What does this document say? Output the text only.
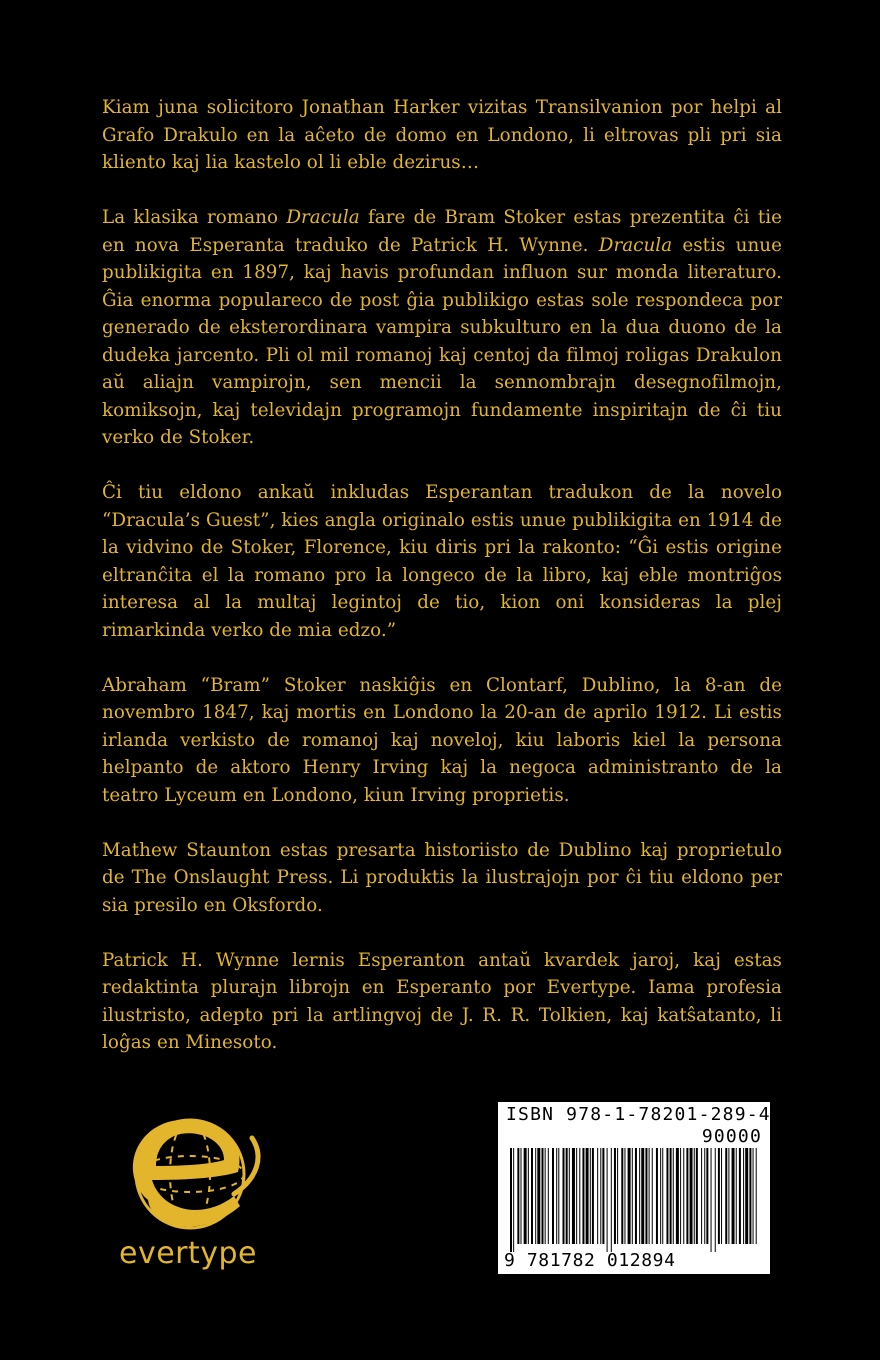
Kiam juna solicitoro Jonathan Harker vizitas Transilvanion por helpi al Grafo Drakulo en la aĉeto de domo en Londono, li eltrovas pli pri sia kliento kaj lia kastelo ol li eble dezirus…

La klasika romano Dracula fare de Bram Stoker estas prezentita ĉi tie en nova Esperanta traduko de Patrick H. Wynne. Dracula estis unue publikigita en 1897, kaj havis profundan influon sur monda literaturo. Ĝia enorma populareco de post ĝia publikigo estas sole respondeca por generado de eksterordinara vampira subkulturo en la dua duono de la dudeka jarcento. Pli ol mil romanoj kaj centoj da filmoj roligas Drakulon aŭ aliajn vampirojn, sen mencii la sennombrajn desegnofilmojn, komiksojn, kaj televidajn programojn fundamente inspiritajn de ĉi tiu verko de Stoker.

Ĉi tiu eldono ankaŭ inkludas Esperantan tradukon de la novelo “Dracula’s Guest”, kies angla originalo estis unue publikigita en 1914 de la vidvino de Stoker, Florence, kiu diris pri la rakonto: “Ĝi estis origine eltranĉita el la romano pro la longeco de la libro, kaj eble montriĝos interesa al la multaj legintoj de tio, kion oni konsideras la plej rimarkinda verko de mia edzo.”

Abraham “Bram” Stoker naskiĝis en Clontarf, Dublino, la 8-an de novembro 1847, kaj mortis en Londono la 20-an de aprilo 1912. Li estis irlanda verkisto de romanoj kaj noveloj, kiu laboris kiel la persona helpanto de aktoro Henry Irving kaj la negoca administranto de la teatro Lyceum en Londono, kiun Irving proprietis.

Mathew Staunton estas presarta historiisto de Dublino kaj proprietulo de The Onslaught Press. Li produktis la ilustrajojn por ĉi tiu eldono per sia presilo en Oksfordo.

Patrick H. Wynne lernis Esperanton antaŭ kvardek jaroj, kaj estas redaktinta plurajn librojn en Esperanto por Evertype. Iama profesia ilustristo, adepto pri la artlingvoj de J. R. R. Tolkien, kaj katŝatanto, li loĝas en Minesoto.

evertype
ISBN 978-1-78201-289-4
90000
9 781782 012894
